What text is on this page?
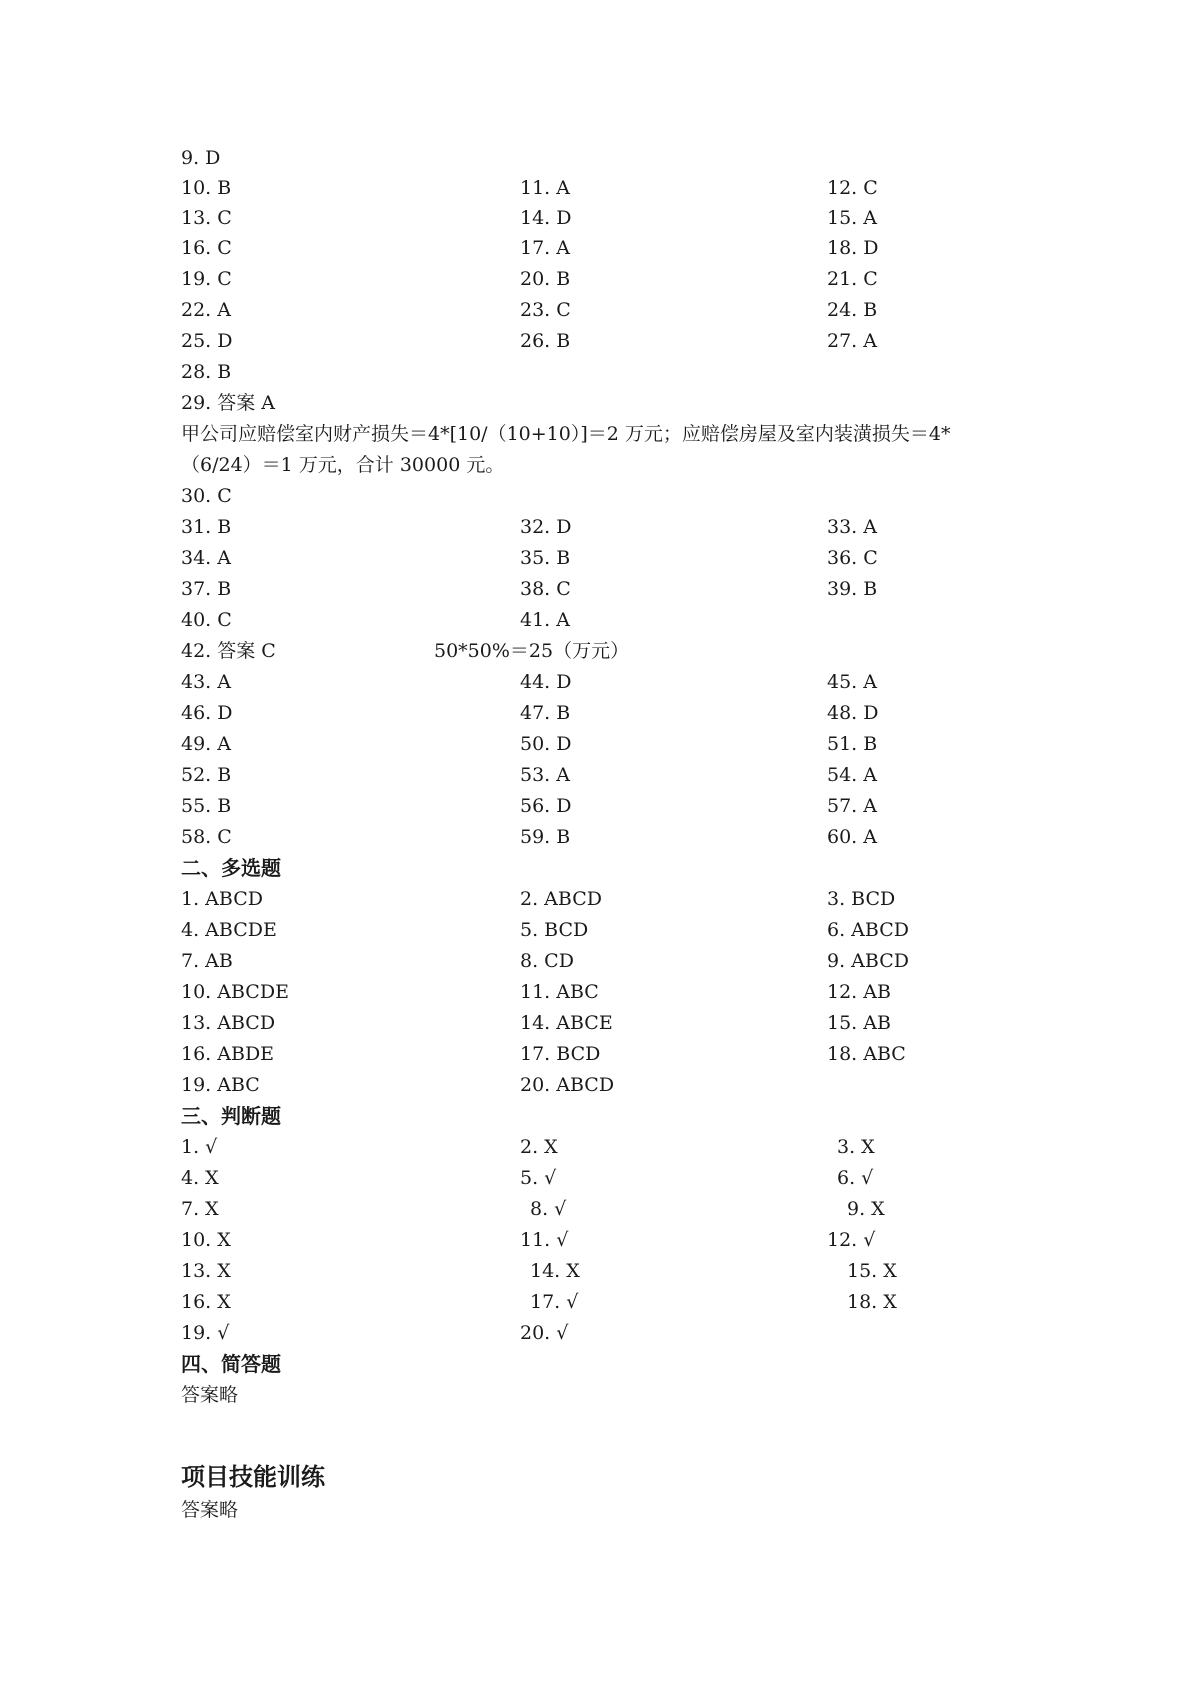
9. D
10. B	11. A	12. C
13. C	14. D	15. A
16. C	17. A	18. D
19. C	20. B	21. C
22. A	23. C	24. B
25. D	26. B	27. A
28. B
29. 答案 A
甲公司应赔偿室内财产损失＝4*[10/（10+10）]＝2 万元；应赔偿房屋及室内装潢损失＝4*
（6/24）＝1 万元，合计 30000 元。
30. C
31. B	32. D	33. A
34. A	35. B	36. C
37. B	38. C	39. B
40. C	41. A
42. 答案 C	50*50%＝25（万元）
43. A	44. D	45. A
46. D	47. B	48. D
49. A	50. D	51. B
52. B	53. A	54. A
55. B	56. D	57. A
58. C	59. B	60. A
二、多选题
1. ABCD	2. ABCD	3. BCD
4. ABCDE	5. BCD	6. ABCD
7. AB	8. CD	9. ABCD
10. ABCDE	11. ABC	12. AB
13. ABCD	14. ABCE	15. AB
16. ABDE	17. BCD	18. ABC
19. ABC	20. ABCD
三、判断题
1. √	2. X	3. X
4. X	5. √	6. √
7. X	8. √	9. X
10. X	11. √	12. √
13. X	14. X	15. X
16. X	17. √	18. X
19. √	20. √
四、简答题
答案略
项目技能训练
答案略
